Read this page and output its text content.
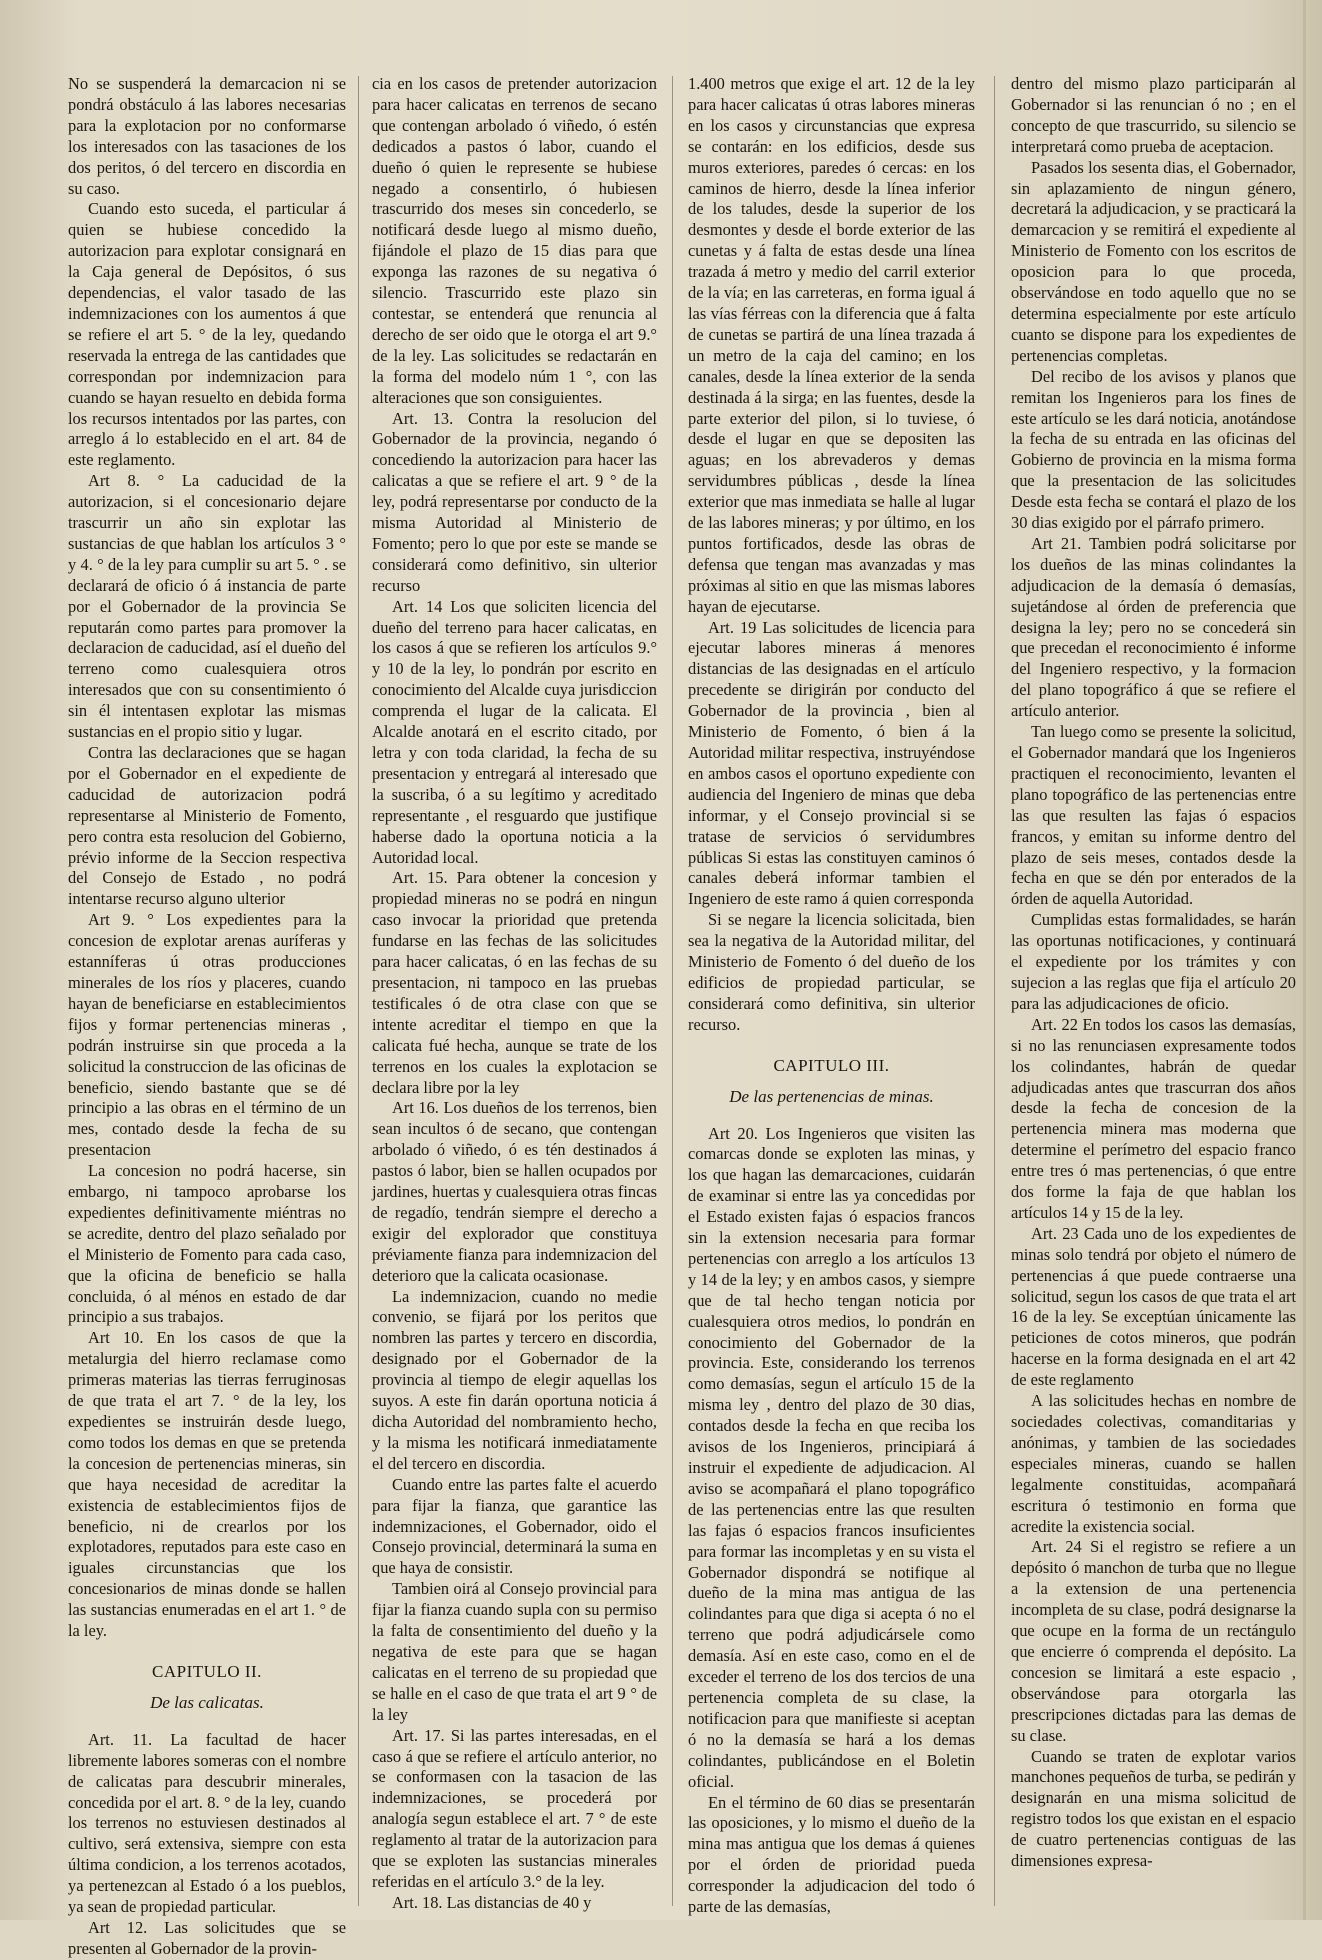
No se suspenderá la demarcacion ni se pondrá obstáculo á las labores necesarias para la explotacion por no conformarse los interesados con las tasaciones de los dos peritos, ó del tercero en discordia en su caso.

Cuando esto suceda, el particular á quien se hubiese concedido la autorizacion para explotar consignará en la Caja general de Depósitos, ó sus dependencias, el valor tasado de las indemnizaciones con los aumentos á que se refiere el art 5. ° de la ley, quedando reservada la entrega de las cantidades que correspondan por indemnizacion para cuando se hayan resuelto en debida forma los recursos intentados por las partes, con arreglo á lo establecido en el art. 84 de este reglamento.

Art 8. ° La caducidad de la autorizacion, si el concesionario dejare trascurrir un año sin explotar las sustancias de que hablan los artículos 3 ° y 4. ° de la ley para cumplir su art 5. ° . se declarará de oficio ó á instancia de parte por el Gobernador de la provincia Se reputarán como partes para promover la declaracion de caducidad, así el dueño del terreno como cualesquiera otros interesados que con su consentimiento ó sin él intentasen explotar las mismas sustancias en el propio sitio y lugar.

Contra las declaraciones que se hagan por el Gobernador en el expediente de caducidad de autorizacion podrá representarse al Ministerio de Fomento, pero contra esta resolucion del Gobierno, prévio informe de la Seccion respectiva del Consejo de Estado , no podrá intentarse recurso alguno ulterior

Art 9. ° Los expedientes para la concesion de explotar arenas auríferas y estanníferas ú otras producciones minerales de los ríos y placeres, cuando hayan de beneficiarse en establecimientos fijos y formar pertenencias mineras , podrán instruirse sin que proceda a la solicitud la construccion de las oficinas de beneficio, siendo bastante que se dé principio a las obras en el término de un mes, contado desde la fecha de su presentacion

La concesion no podrá hacerse, sin embargo, ni tampoco aprobarse los expedientes definitivamente miéntras no se acredite, dentro del plazo señalado por el Ministerio de Fomento para cada caso, que la oficina de beneficio se halla concluida, ó al ménos en estado de dar principio a sus trabajos.

Art 10. En los casos de que la metalurgia del hierro reclamase como primeras materias las tierras ferruginosas de que trata el art 7. ° de la ley, los expedientes se instruirán desde luego, como todos los demas en que se pretenda la concesion de pertenencias mineras, sin que haya necesidad de acreditar la existencia de establecimientos fijos de beneficio, ni de crearlos por los explotadores, reputados para este caso en iguales circunstancias que los concesionarios de minas donde se hallen las sustancias enumeradas en el art 1. ° de la ley.

CAPITULO II.
De las calicatas.

Art. 11. La facultad de hacer libremente labores someras con el nombre de calicatas para descubrir minerales, concedida por el art. 8. ° de la ley, cuando los terrenos no estuviesen destinados al cultivo, será extensiva, siempre con esta última condicion, a los terrenos acotados, ya pertenezcan al Estado ó a los pueblos, ya sean de propiedad particular.

Art 12. Las solicitudes que se presenten al Gobernador de la provin-

cia en los casos de pretender autorizacion para hacer calicatas en terrenos de secano que contengan arbolado ó viñedo, ó estén dedicados a pastos ó labor, cuando el dueño ó quien le represente se hubiese negado a consentirlo, ó hubiesen trascurrido dos meses sin concederlo, se notificará desde luego al mismo dueño, fijándole el plazo de 15 dias para que exponga las razones de su negativa ó silencio. Trascurrido este plazo sin contestar, se entenderá que renuncia al derecho de ser oido que le otorga el art 9.° de la ley. Las solicitudes se redactarán en la forma del modelo núm 1 °, con las alteraciones que son consiguientes.

Art. 13. Contra la resolucion del Gobernador de la provincia, negando ó concediendo la autorizacion para hacer las calicatas a que se refiere el art. 9 ° de la ley, podrá representarse por conducto de la misma Autoridad al Ministerio de Fomento; pero lo que por este se mande se considerará como definitivo, sin ulterior recurso

Art. 14 Los que soliciten licencia del dueño del terreno para hacer calicatas, en los casos á que se refieren los artículos 9.° y 10 de la ley, lo pondrán por escrito en conocimiento del Alcalde cuya jurisdiccion comprenda el lugar de la calicata. El Alcalde anotará en el escrito citado, por letra y con toda claridad, la fecha de su presentacion y entregará al interesado que la suscriba, ó a su legítimo y acreditado representante , el resguardo que justifique haberse dado la oportuna noticia a la Autoridad local.

Art. 15. Para obtener la concesion y propiedad mineras no se podrá en ningun caso invocar la prioridad que pretenda fundarse en las fechas de las solicitudes para hacer calicatas, ó en las fechas de su presentacion, ni tampoco en las pruebas testificales ó de otra clase con que se intente acreditar el tiempo en que la calicata fué hecha, aunque se trate de los terrenos en los cuales la explotacion se declara libre por la ley

Art 16. Los dueños de los terrenos, bien sean incultos ó de secano, que contengan arbolado ó viñedo, ó es tén destinados á pastos ó labor, bien se hallen ocupados por jardines, huertas y cualesquiera otras fincas de regadío, tendrán siempre el derecho a exigir del explorador que constituya préviamente fianza para indemnizacion del deterioro que la calicata ocasionase.

La indemnizacion, cuando no medie convenio, se fijará por los peritos que nombren las partes y tercero en discordia, designado por el Gobernador de la provincia al tiempo de elegir aquellas los suyos. A este fin darán oportuna noticia á dicha Autoridad del nombramiento hecho, y la misma les notificará inmediatamente el del tercero en discordia.

Cuando entre las partes falte el acuerdo para fijar la fianza, que garantice las indemnizaciones, el Gobernador, oido el Consejo provincial, determinará la suma en que haya de consistir.

Tambien oirá al Consejo provincial para fijar la fianza cuando supla con su permiso la falta de consentimiento del dueño y la negativa de este para que se hagan calicatas en el terreno de su propiedad que se halle en el caso de que trata el art 9 ° de la ley

Art. 17. Si las partes interesadas, en el caso á que se refiere el artículo anterior, no se conformasen con la tasacion de las indemnizaciones, se procederá por analogía segun establece el art. 7 ° de este reglamento al tratar de la autorizacion para que se exploten las sustancias minerales referidas en el artículo 3.° de la ley.

Art. 18. Las distancias de 40 y

1.400 metros que exige el art. 12 de la ley para hacer calicatas ú otras labores mineras en los casos y circunstancias que expresa se contarán: en los edificios, desde sus muros exteriores, paredes ó cercas: en los caminos de hierro, desde la línea inferior de los taludes, desde la superior de los desmontes y desde el borde exterior de las cunetas y á falta de estas desde una línea trazada á metro y medio del carril exterior de la vía; en las carreteras, en forma igual á las vías férreas con la diferencia que á falta de cunetas se partirá de una línea trazada á un metro de la caja del camino; en los canales, desde la línea exterior de la senda destinada á la sirga; en las fuentes, desde la parte exterior del pilon, si lo tuviese, ó desde el lugar en que se depositen las aguas; en los abrevaderos y demas servidumbres públicas , desde la línea exterior que mas inmediata se halle al lugar de las labores mineras; y por último, en los puntos fortificados, desde las obras de defensa que tengan mas avanzadas y mas próximas al sitio en que las mismas labores hayan de ejecutarse.

Art. 19 Las solicitudes de licencia para ejecutar labores mineras á menores distancias de las designadas en el artículo precedente se dirigirán por conducto del Gobernador de la provincia , bien al Ministerio de Fomento, ó bien á la Autoridad militar respectiva, instruyéndose en ambos casos el oportuno expediente con audiencia del Ingeniero de minas que deba informar, y el Consejo provincial si se tratase de servicios ó servidumbres públicas Si estas las constituyen caminos ó canales deberá informar tambien el Ingeniero de este ramo á quien corresponda

Si se negare la licencia solicitada, bien sea la negativa de la Autoridad militar, del Ministerio de Fomento ó del dueño de los edificios de propiedad particular, se considerará como definitiva, sin ulterior recurso.

CAPITULO III.
De las pertenencias de minas.

Art 20. Los Ingenieros que visiten las comarcas donde se exploten las minas, y los que hagan las demarcaciones, cuidarán de examinar si entre las ya concedidas por el Estado existen fajas ó espacios francos sin la extension necesaria para formar pertenencias con arreglo a los artículos 13 y 14 de la ley; y en ambos casos, y siempre que de tal hecho tengan noticia por cualesquiera otros medios, lo pondrán en conocimiento del Gobernador de la provincia. Este, considerando los terrenos como demasías, segun el artículo 15 de la misma ley , dentro del plazo de 30 dias, contados desde la fecha en que reciba los avisos de los Ingenieros, principiará á instruir el expediente de adjudicacion. Al aviso se acompañará el plano topográfico de las pertenencias entre las que resulten las fajas ó espacios francos insuficientes para formar las incompletas y en su vista el Gobernador dispondrá se notifique al dueño de la mina mas antigua de las colindantes para que diga si acepta ó no el terreno que podrá adjudicársele como demasía. Así en este caso, como en el de exceder el terreno de los dos tercios de una pertenencia completa de su clase, la notificacion para que manifieste si aceptan ó no la demasía se hará a los demas colindantes, publicándose en el Boletin oficial.

En el término de 60 dias se presentarán las oposiciones, y lo mismo el dueño de la mina mas antigua que los demas á quienes por el órden de prioridad pueda corresponder la adjudicacion del todo ó parte de las demasías,

dentro del mismo plazo participarán al Gobernador si las renuncian ó no ; en el concepto de que trascurrido, su silencio se interpretará como prueba de aceptacion.

Pasados los sesenta dias, el Gobernador, sin aplazamiento de ningun género, decretará la adjudicacion, y se practicará la demarcacion y se remitirá el expediente al Ministerio de Fomento con los escritos de oposicion para lo que proceda, observándose en todo aquello que no se determina especialmente por este artículo cuanto se dispone para los expedientes de pertenencias completas.

Del recibo de los avisos y planos que remitan los Ingenieros para los fines de este artículo se les dará noticia, anotándose la fecha de su entrada en las oficinas del Gobierno de provincia en la misma forma que la presentacion de las solicitudes Desde esta fecha se contará el plazo de los 30 dias exigido por el párrafo primero.

Art 21. Tambien podrá solicitarse por los dueños de las minas colindantes la adjudicacion de la demasía ó demasías, sujetándose al órden de preferencia que designa la ley; pero no se concederá sin que precedan el reconocimiento é informe del Ingeniero respectivo, y la formacion del plano topográfico á que se refiere el artículo anterior.

Tan luego como se presente la solicitud, el Gobernador mandará que los Ingenieros practiquen el reconocimiento, levanten el plano topográfico de las pertenencias entre las que resulten las fajas ó espacios francos, y emitan su informe dentro del plazo de seis meses, contados desde la fecha en que se dén por enterados de la órden de aquella Autoridad.

Cumplidas estas formalidades, se harán las oportunas notificaciones, y continuará el expediente por los trámites y con sujecion a las reglas que fija el artículo 20 para las adjudicaciones de oficio.

Art. 22 En todos los casos las demasías, si no las renunciasen expresamente todos los colindantes, habrán de quedar adjudicadas antes que trascurran dos años desde la fecha de concesion de la pertenencia minera mas moderna que determine el perímetro del espacio franco entre tres ó mas pertenencias, ó que entre dos forme la faja de que hablan los artículos 14 y 15 de la ley.

Art. 23 Cada uno de los expedientes de minas solo tendrá por objeto el número de pertenencias á que puede contraerse una solicitud, segun los casos de que trata el art 16 de la ley. Se exceptúan únicamente las peticiones de cotos mineros, que podrán hacerse en la forma designada en el art 42 de este reglamento

A las solicitudes hechas en nombre de sociedades colectivas, comanditarias y anónimas, y tambien de las sociedades especiales mineras, cuando se hallen legalmente constituidas, acompañará escritura ó testimonio en forma que acredite la existencia social.

Art. 24 Si el registro se refiere a un depósito ó manchon de turba que no llegue a la extension de una pertenencia incompleta de su clase, podrá designarse la que ocupe en la forma de un rectángulo que encierre ó comprenda el depósito. La concesion se limitará a este espacio , observándose para otorgarla las prescripciones dictadas para las demas de su clase.

Cuando se traten de explotar varios manchones pequeños de turba, se pedirán y designarán en una misma solicitud de registro todos los que existan en el espacio de cuatro pertenencias contiguas de las dimensiones expresa-
